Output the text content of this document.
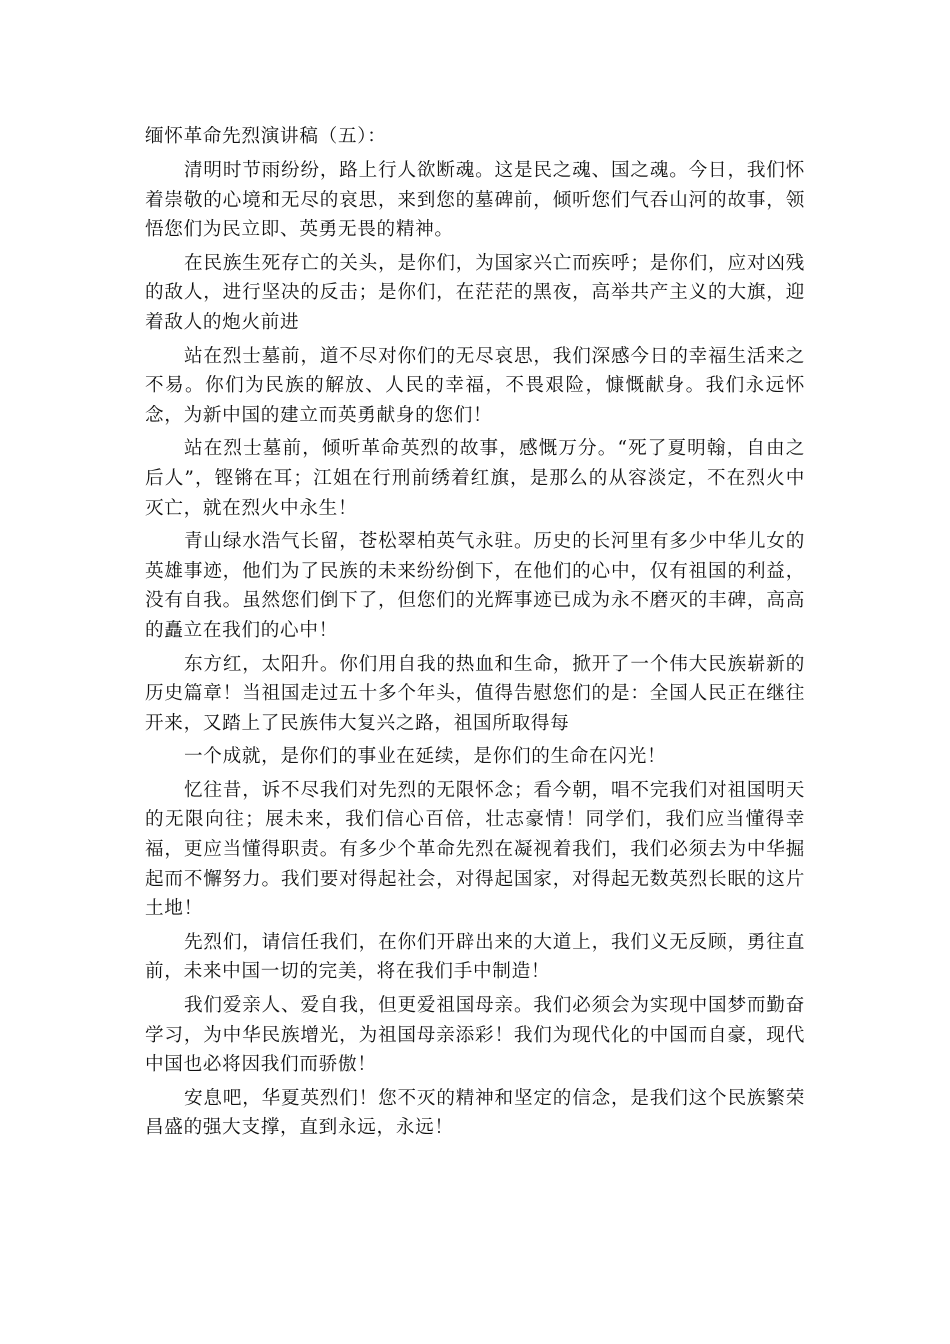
缅怀革命先烈演讲稿（五）：

清明时节雨纷纷，路上行人欲断魂。这是民之魂、国之魂。今日，我们怀着崇敬的心境和无尽的哀思，来到您的墓碑前，倾听您们气吞山河的故事，领悟您们为民立即、英勇无畏的精神。

在民族生死存亡的关头，是你们，为国家兴亡而疾呼；是你们，应对凶残的敌人，进行坚决的反击；是你们，在茫茫的黑夜，高举共产主义的大旗，迎着敌人的炮火前进

站在烈士墓前，道不尽对你们的无尽哀思，我们深感今日的幸福生活来之不易。你们为民族的解放、人民的幸福，不畏艰险，慷慨献身。我们永远怀念，为新中国的建立而英勇献身的您们！

站在烈士墓前，倾听革命英烈的故事，感慨万分。“死了夏明翰，自由之后人”，铿锵在耳；江姐在行刑前绣着红旗，是那么的从容淡定，不在烈火中灭亡，就在烈火中永生！

青山绿水浩气长留，苍松翠柏英气永驻。历史的长河里有多少中华儿女的英雄事迹，他们为了民族的未来纷纷倒下，在他们的心中，仅有祖国的利益，没有自我。虽然您们倒下了，但您们的光辉事迹已成为永不磨灭的丰碑，高高的矗立在我们的心中！

东方红，太阳升。你们用自我的热血和生命，掀开了一个伟大民族崭新的历史篇章！当祖国走过五十多个年头，值得告慰您们的是：全国人民正在继往开来，又踏上了民族伟大复兴之路，祖国所取得每

一个成就，是你们的事业在延续，是你们的生命在闪光！

忆往昔，诉不尽我们对先烈的无限怀念；看今朝，唱不完我们对祖国明天的无限向往；展未来，我们信心百倍，壮志豪情！同学们，我们应当懂得幸福，更应当懂得职责。有多少个革命先烈在凝视着我们，我们必须去为中华掘起而不懈努力。我们要对得起社会，对得起国家，对得起无数英烈长眠的这片土地！

先烈们，请信任我们，在你们开辟出来的大道上，我们义无反顾，勇往直前，未来中国一切的完美，将在我们手中制造！

我们爱亲人、爱自我，但更爱祖国母亲。我们必须会为实现中国梦而勤奋学习，为中华民族增光，为祖国母亲添彩！我们为现代化的中国而自豪，现代中国也必将因我们而骄傲！

安息吧，华夏英烈们！您不灭的精神和坚定的信念，是我们这个民族繁荣昌盛的强大支撑，直到永远，永远！
